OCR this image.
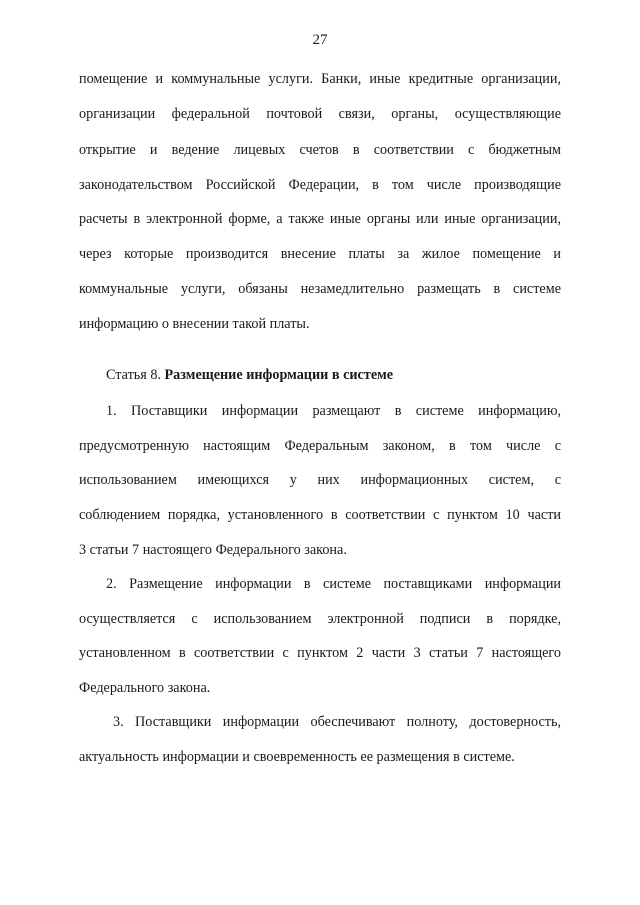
27
помещение и коммунальные услуги. Банки, иные кредитные организации,
организации федеральной почтовой связи, органы, осуществляющие
открытие и ведение лицевых счетов в соответствии с бюджетным
законодательством Российской Федерации, в том числе производящие
расчеты в электронной форме, а также иные органы или иные организации,
через которые производится внесение платы за жилое помещение и
коммунальные услуги, обязаны незамедлительно размещать в системе
информацию о внесении такой платы.
Статья 8. Размещение информации в системе
1. Поставщики информации размещают в системе информацию,
предусмотренную настоящим Федеральным законом, в том числе с
использованием имеющихся у них информационных систем, с
соблюдением порядка, установленного в соответствии с пунктом 10 части
3 статьи 7 настоящего Федерального закона.
2. Размещение информации в системе поставщиками информации
осуществляется с использованием электронной подписи в порядке,
установленном в соответствии с пунктом 2 части 3 статьи 7 настоящего
Федерального закона.
3. Поставщики информации обеспечивают полноту, достоверность,
актуальность информации и своевременность ее размещения в системе.
